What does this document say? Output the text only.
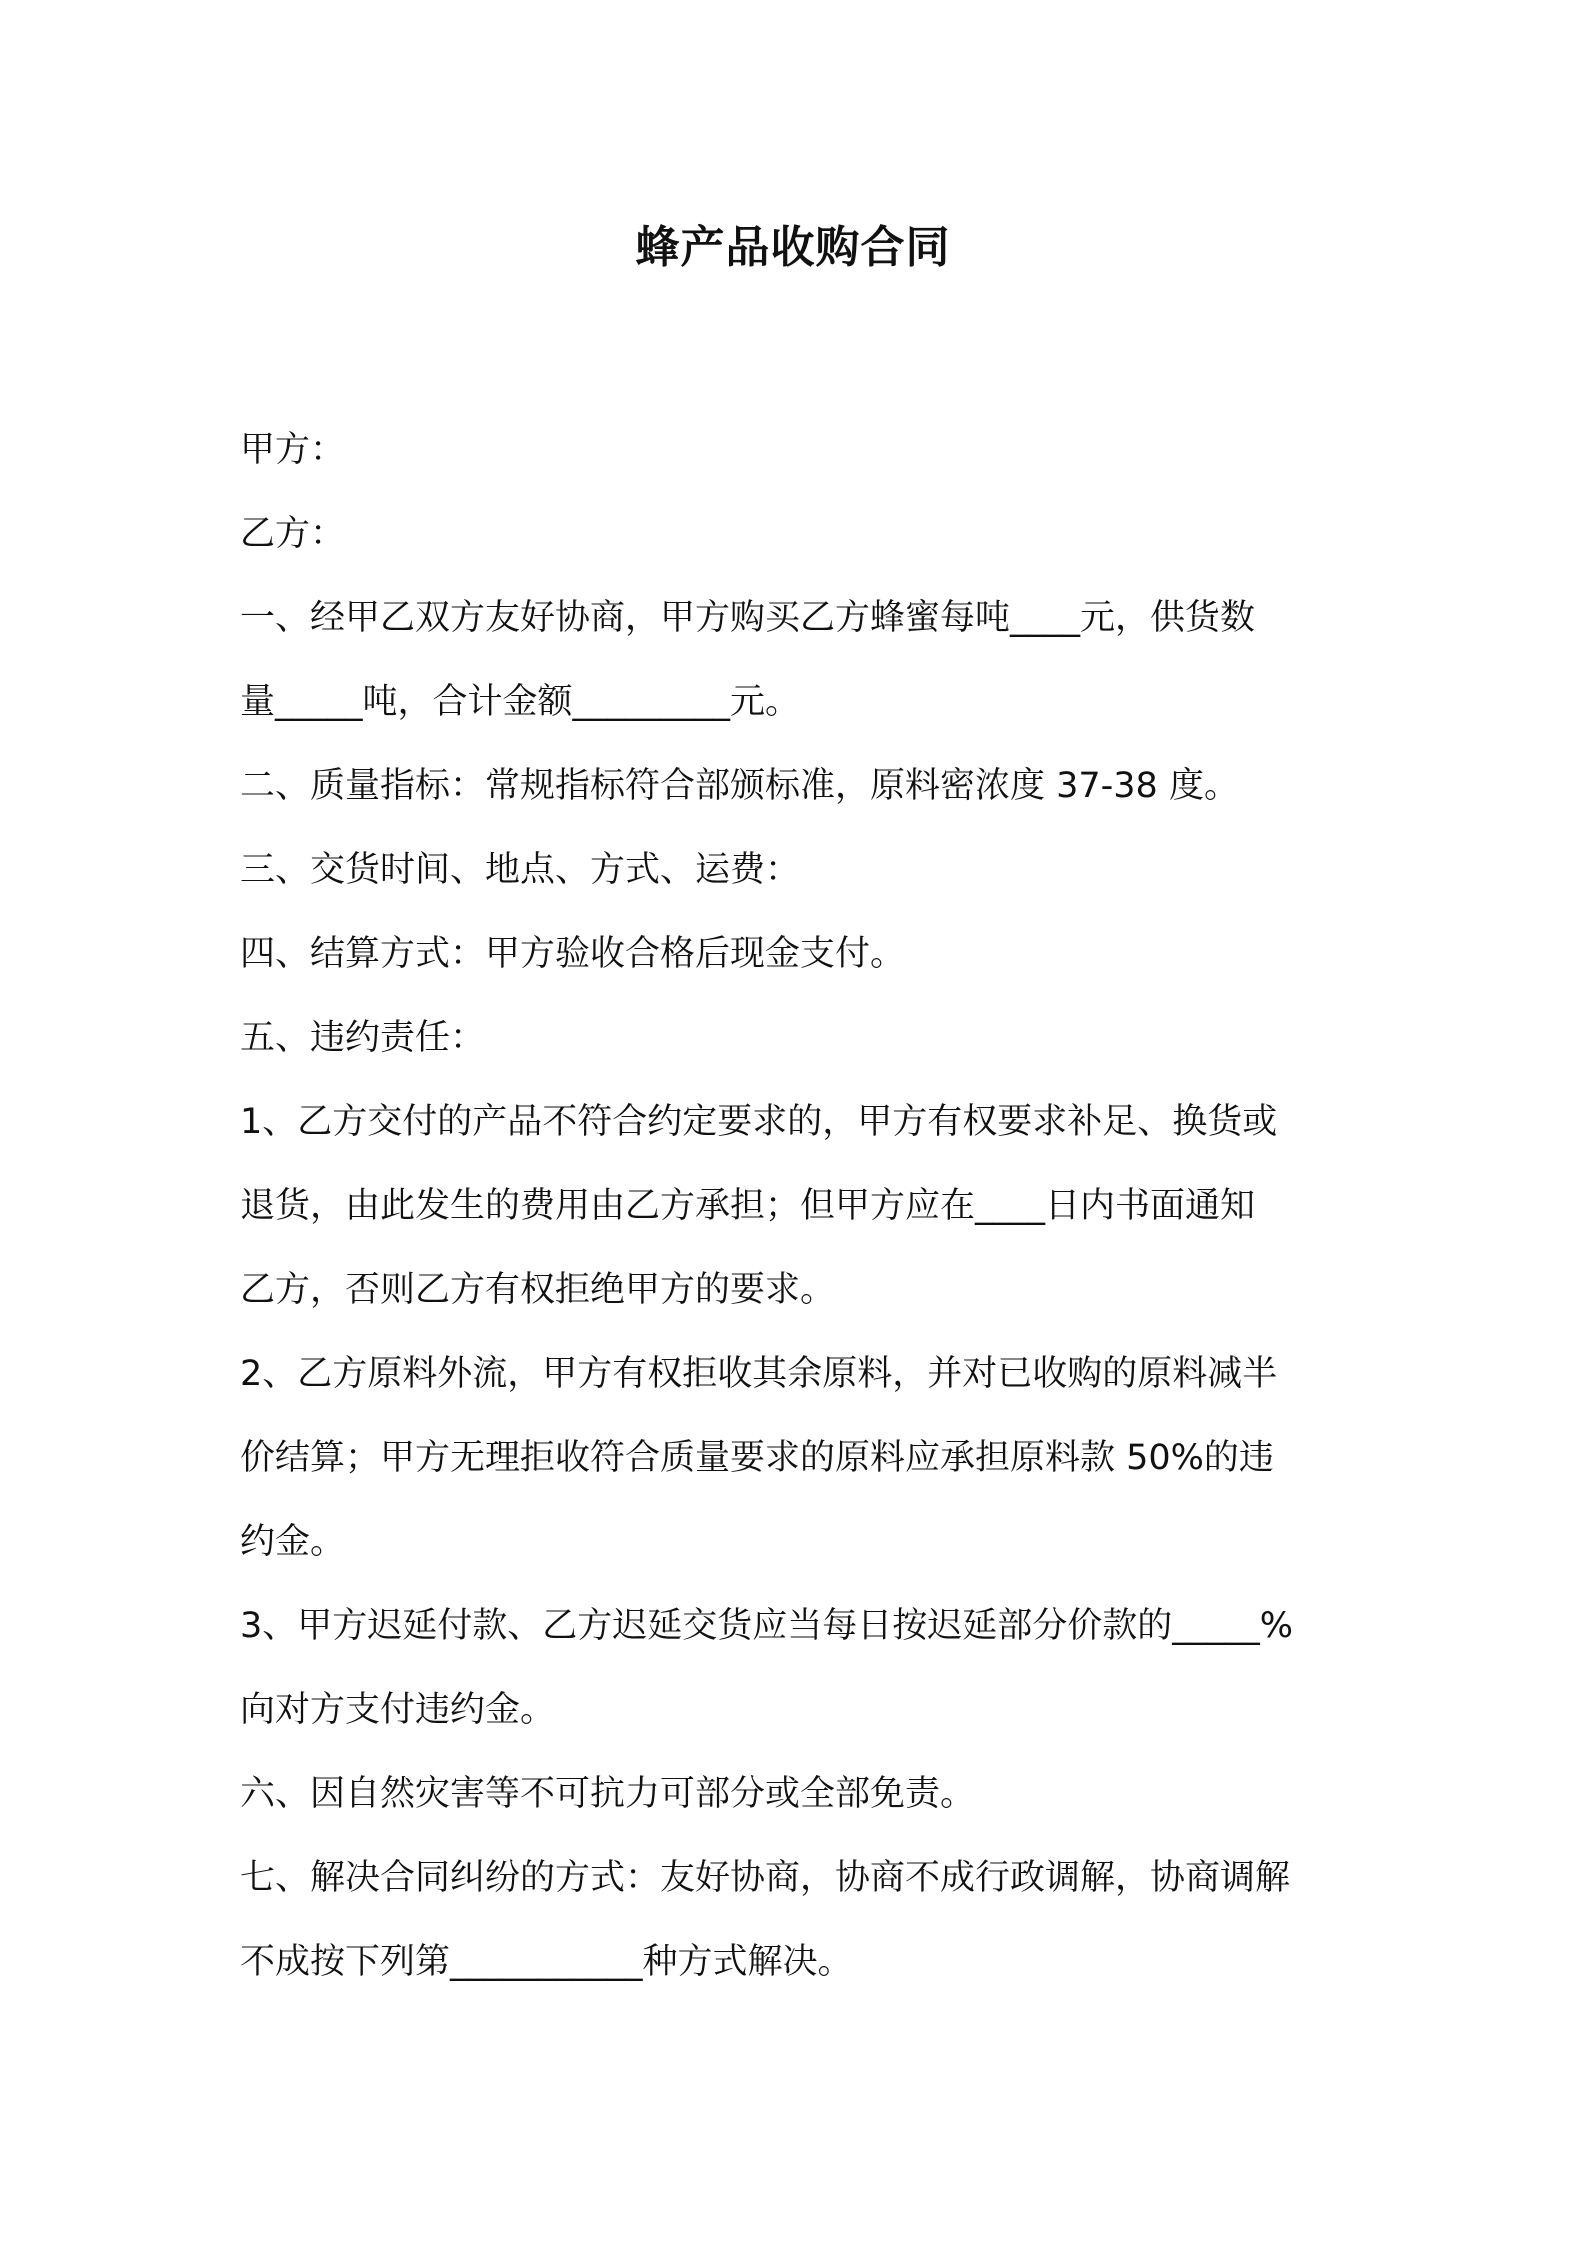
蜂产品收购合同
甲方：
乙方：
一、经甲乙双方友好协商，甲方购买乙方蜂蜜每吨____元，供货数
量_____吨，合计金额_________元。
二、质量指标：常规指标符合部颁标准，原料密浓度 37-38 度。
三、交货时间、地点、方式、运费：
四、结算方式：甲方验收合格后现金支付。
五、违约责任：
1、乙方交付的产品不符合约定要求的，甲方有权要求补足、换货或
退货，由此发生的费用由乙方承担；但甲方应在____日内书面通知
乙方，否则乙方有权拒绝甲方的要求。
2、乙方原料外流，甲方有权拒收其余原料，并对已收购的原料减半
价结算；甲方无理拒收符合质量要求的原料应承担原料款 50%的违
约金。
3、甲方迟延付款、乙方迟延交货应当每日按迟延部分价款的_____%
向对方支付违约金。
六、因自然灾害等不可抗力可部分或全部免责。
七、解决合同纠纷的方式：友好协商，协商不成行政调解，协商调解
不成按下列第___________种方式解决。
